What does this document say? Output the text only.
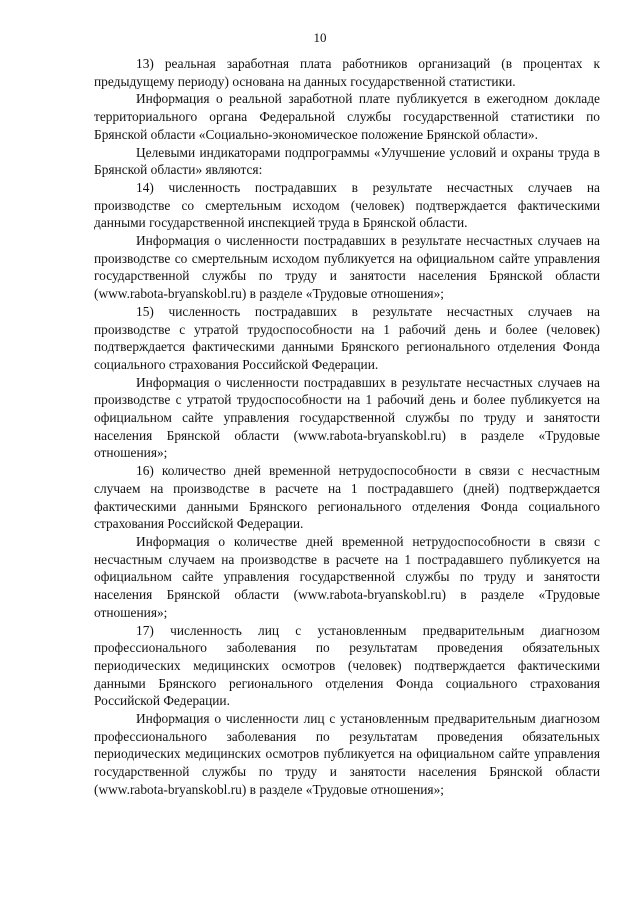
10

13) реальная заработная плата работников организаций (в процентах к предыдущему периоду) основана на данных государственной статистики.

Информация о реальной заработной плате публикуется в ежегодном докладе территориального органа Федеральной службы государственной статистики по Брянской области «Социально-экономическое положение Брянской области».

Целевыми индикаторами подпрограммы «Улучшение условий и охраны труда в Брянской области» являются:

14) численность пострадавших в результате несчастных случаев на производстве со смертельным исходом (человек) подтверждается фактическими данными государственной инспекцией труда в Брянской области.

Информация о численности пострадавших в результате несчастных случаев на производстве со смертельным исходом публикуется на официальном сайте управления государственной службы по труду и занятости населения Брянской области (www.rabota-bryanskobl.ru) в разделе «Трудовые отношения»;

15) численность пострадавших в результате несчастных случаев на производстве с утратой трудоспособности на 1 рабочий день и более (человек) подтверждается фактическими данными Брянского регионального отделения Фонда социального страхования Российской Федерации.

Информация о численности пострадавших в результате несчастных случаев на производстве с утратой трудоспособности на 1 рабочий день и более публикуется на официальном сайте управления государственной службы по труду и занятости населения Брянской области (www.rabota-bryanskobl.ru) в разделе «Трудовые отношения»;

16) количество дней временной нетрудоспособности в связи с несчастным случаем на производстве в расчете на 1 пострадавшего (дней) подтверждается фактическими данными Брянского регионального отделения Фонда социального страхования Российской Федерации.

Информация о количестве дней временной нетрудоспособности в связи с несчастным случаем на производстве в расчете на 1 пострадавшего публикуется на официальном сайте управления государственной службы по труду и занятости населения Брянской области (www.rabota-bryanskobl.ru) в разделе «Трудовые отношения»;

17) численность лиц с установленным предварительным диагнозом профессионального заболевания по результатам проведения обязательных периодических медицинских осмотров (человек) подтверждается фактическими данными Брянского регионального отделения Фонда социального страхования Российской Федерации.

Информация о численности лиц с установленным предварительным диагнозом профессионального заболевания по результатам проведения обязательных периодических медицинских осмотров публикуется на официальном сайте управления государственной службы по труду и занятости населения Брянской области (www.rabota-bryanskobl.ru) в разделе «Трудовые отношения»;
